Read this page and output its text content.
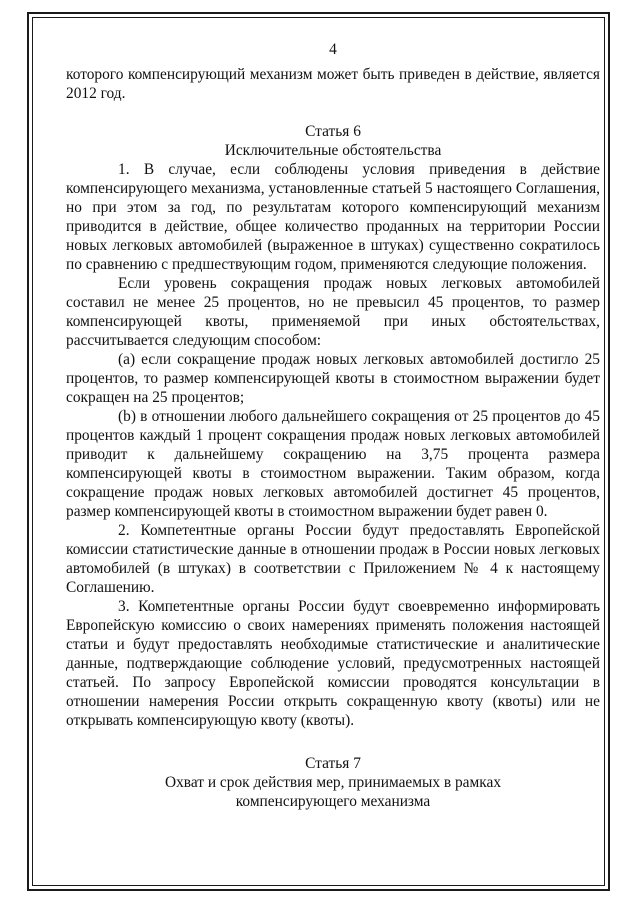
4

которого компенсирующий механизм может быть приведен в действие, является 2012 год.

Статья 6
Исключительные обстоятельства

1. В случае, если соблюдены условия приведения в действие компенсирующего механизма, установленные статьей 5 настоящего Соглашения, но при этом за год, по результатам которого компенсирующий механизм приводится в действие, общее количество проданных на территории России новых легковых автомобилей (выраженное в штуках) существенно сократилось по сравнению с предшествующим годом, применяются следующие положения.

Если уровень сокращения продаж новых легковых автомобилей составил не менее 25 процентов, но не превысил 45 процентов, то размер компенсирующей квоты, применяемой при иных обстоятельствах, рассчитывается следующим способом:

(a) если сокращение продаж новых легковых автомобилей достигло 25 процентов, то размер компенсирующей квоты в стоимостном выражении будет сокращен на 25 процентов;

(b) в отношении любого дальнейшего сокращения от 25 процентов до 45 процентов каждый 1 процент сокращения продаж новых легковых автомобилей приводит к дальнейшему сокращению на 3,75 процента размера компенсирующей квоты в стоимостном выражении. Таким образом, когда сокращение продаж новых легковых автомобилей достигнет 45 процентов, размер компенсирующей квоты в стоимостном выражении будет равен 0.

2. Компетентные органы России будут предоставлять Европейской комиссии статистические данные в отношении продаж в России новых легковых автомобилей (в штуках) в соответствии с Приложением № 4 к настоящему Соглашению.

3. Компетентные органы России будут своевременно информировать Европейскую комиссию о своих намерениях применять положения настоящей статьи и будут предоставлять необходимые статистические и аналитические данные, подтверждающие соблюдение условий, предусмотренных настоящей статьей. По запросу Европейской комиссии проводятся консультации в отношении намерения России открыть сокращенную квоту (квоты) или не открывать компенсирующую квоту (квоты).

Статья 7
Охват и срок действия мер, принимаемых в рамках
компенсирующего механизма
